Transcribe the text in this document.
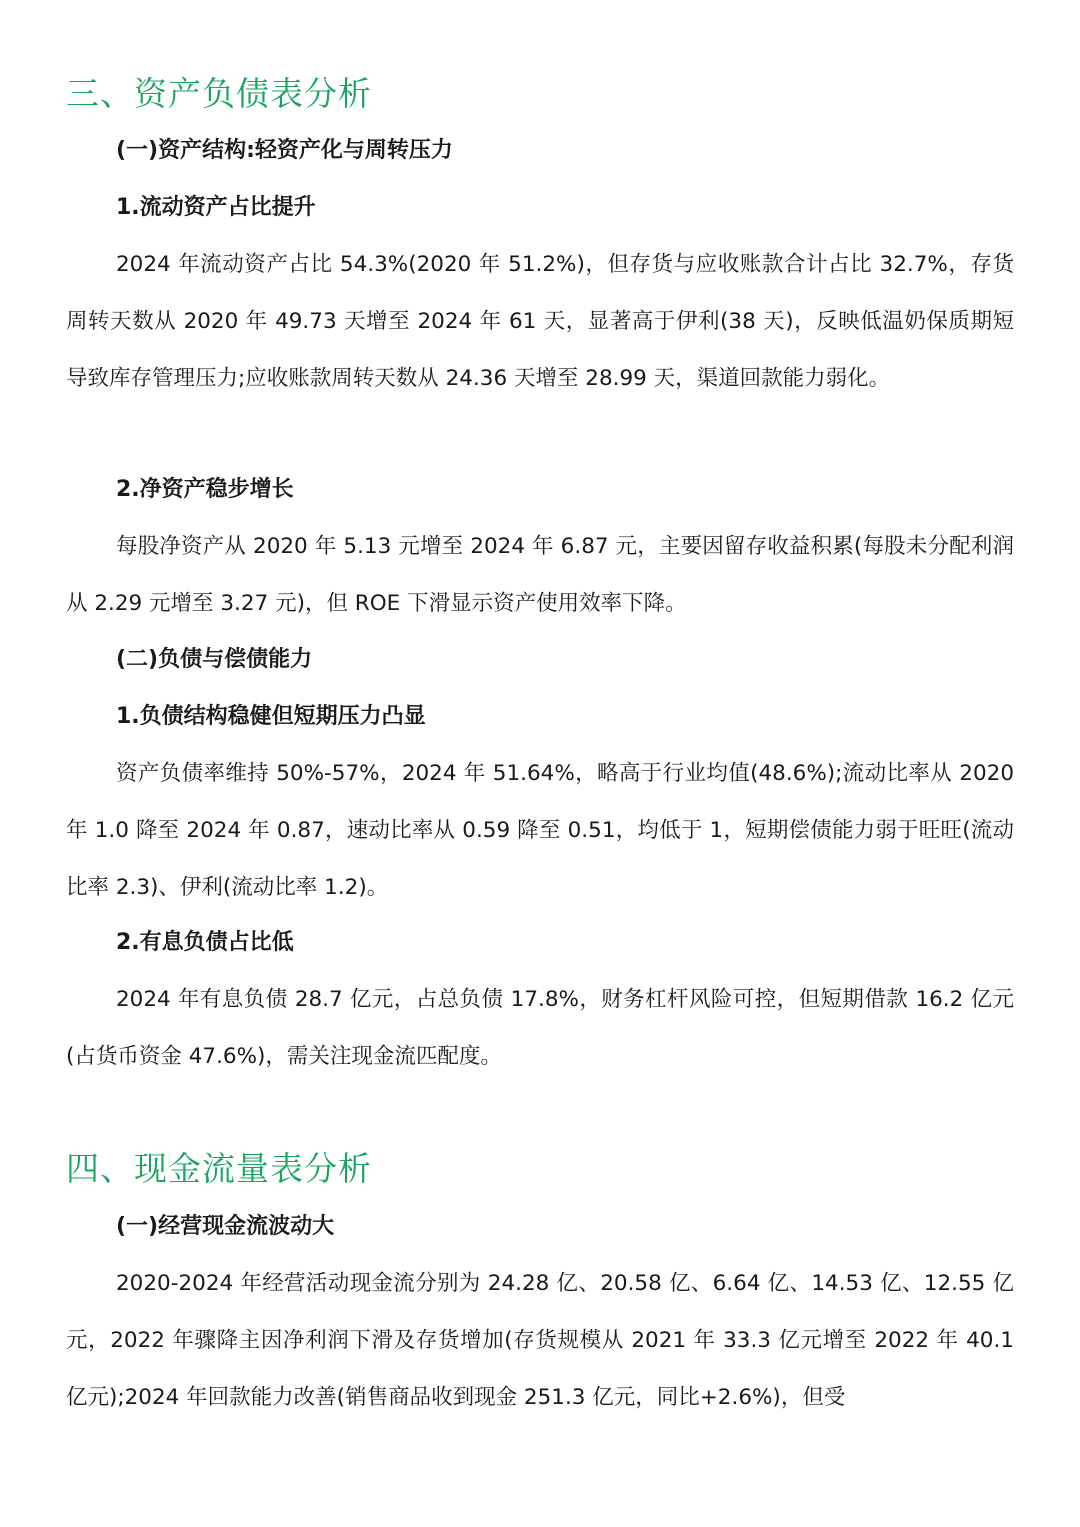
三、资产负债表分析
(一)资产结构:轻资产化与周转压力
1.流动资产占比提升

2024 年流动资产占比 54.3%(2020 年 51.2%)，但存货与应收账款合计占比 32.7%，存货周转天数从 2020 年 49.73 天增至 2024 年 61 天，显著高于伊利(38 天)，反映低温奶保质期短导致库存管理压力;应收账款周转天数从 24.36 天增至 28.99 天，渠道回款能力弱化。

2.净资产稳步增长

每股净资产从 2020 年 5.13 元增至 2024 年 6.87 元，主要因留存收益积累(每股未分配利润从 2.29 元增至 3.27 元)，但 ROE 下滑显示资产使用效率下降。

(二)负债与偿债能力
1.负债结构稳健但短期压力凸显

资产负债率维持 50%-57%，2024 年 51.64%，略高于行业均值(48.6%);流动比率从 2020 年 1.0 降至 2024 年 0.87，速动比率从 0.59 降至 0.51，均低于 1，短期偿债能力弱于旺旺(流动比率 2.3)、伊利(流动比率 1.2)。

2.有息负债占比低

2024 年有息负债 28.7 亿元，占总负债 17.8%，财务杠杆风险可控，但短期借款 16.2 亿元(占货币资金 47.6%)，需关注现金流匹配度。

四、现金流量表分析
(一)经营现金流波动大

2020-2024 年经营活动现金流分别为 24.28 亿、20.58 亿、6.64 亿、14.53 亿、12.55 亿元，2022 年骤降主因净利润下滑及存货增加(存货规模从 2021 年 33.3 亿元增至 2022 年 40.1 亿元);2024 年回款能力改善(销售商品收到现金 251.3 亿元，同比+2.6%)，但受
